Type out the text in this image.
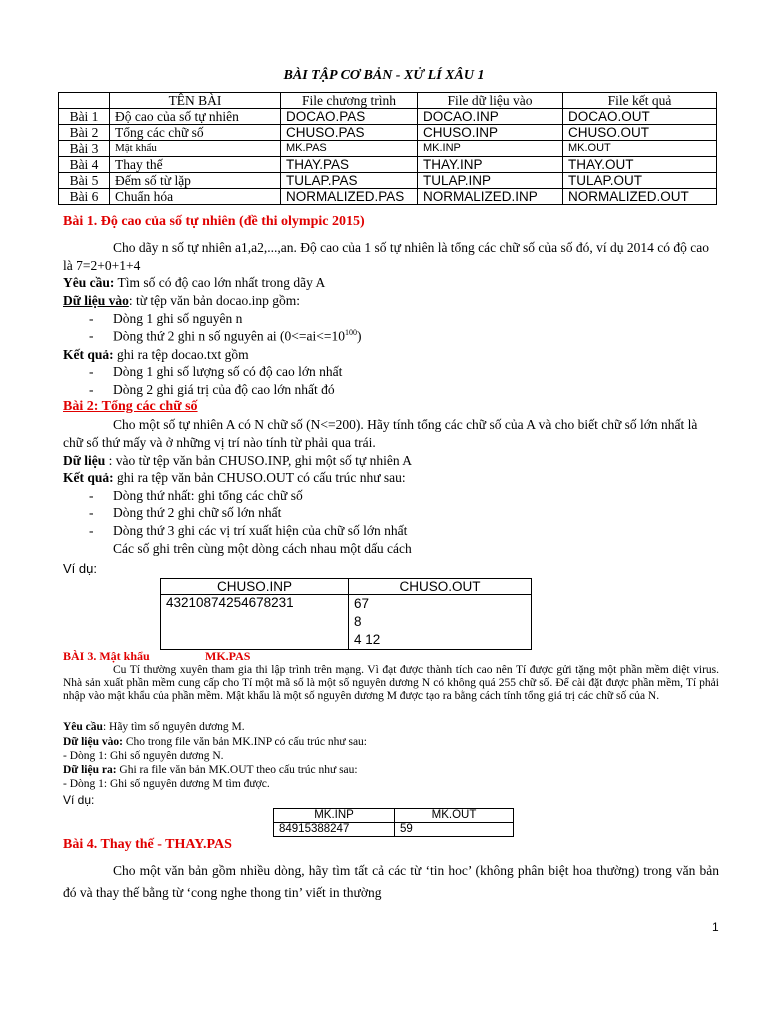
BÀI TẬP CƠ BẢN - XỬ LÍ XÂU 1
	TÊN BÀI	File chương trình	File dữ liệu vào	File kết quả
Bài 1	Độ cao của số tự nhiên	DOCAO.PAS	DOCAO.INP	DOCAO.OUT
Bài 2	Tổng các chữ số	CHUSO.PAS	CHUSO.INP	CHUSO.OUT
Bài 3	Mật khẩu	MK.PAS	MK.INP	MK.OUT
Bài 4	Thay thế	THAY.PAS	THAY.INP	THAY.OUT
Bài 5	Đếm số từ lặp	TULAP.PAS	TULAP.INP	TULAP.OUT
Bài 6	Chuẩn hóa	NORMALIZED.PAS	NORMALIZED.INP	NORMALIZED.OUT
Bài 1. Độ cao của số tự nhiên (đề thi olympic 2015)
Cho dãy n số tự nhiên a1,a2,...,an. Độ cao của 1 số tự nhiên là tổng các chữ số của số đó, ví dụ 2014 có độ cao là 7=2+0+1+4
Yêu cầu: Tìm số có độ cao lớn nhất trong dãy A
Dữ liệu vào: từ tệp văn bản docao.inp gồm:
- Dòng 1 ghi số nguyên n
- Dòng thứ 2 ghi n số nguyên ai $(0<=ai<=10^{100})$
Kết quả: ghi ra tệp docao.txt gồm
- Dòng 1 ghi số lượng số có độ cao lớn nhất
- Dòng 2 ghi giá trị của độ cao lớn nhất đó
Bài 2: Tổng các chữ số
Cho một số tự nhiên A có N chữ số (N<=200). Hãy tính tổng các chữ số của A và cho biết chữ số lớn nhất là chữ số thứ mấy và ở những vị trí nào tính từ phải qua trái.
Dữ liệu : vào từ tệp văn bản CHUSO.INP, ghi một số tự nhiên A
Kết quả: ghi ra tệp văn bản CHUSO.OUT có cấu trúc như sau:
- Dòng thứ nhất: ghi tổng các chữ số
- Dòng thứ 2 ghi chữ số lớn nhất
- Dòng thứ 3 ghi các vị trí xuất hiện của chữ số lớn nhất
Các số ghi trên cùng một dòng cách nhau một dấu cách
Ví dụ:
CHUSO.INP	CHUSO.OUT
43210874254678231	67
8
4 12
BÀI 3. Mật khẩu	MK.PAS
Cu Tí thường xuyên tham gia thi lập trình trên mạng. Vì đạt được thành tích cao nên Tí được gửi tặng một phần mềm diệt virus. Nhà sản xuất phần mềm cung cấp cho Tí một mã số là một số nguyên dương N có không quá 255 chữ số. Để cài đặt được phần mềm, Tí phải nhập vào mật khẩu của phần mềm. Mật khẩu là một số nguyên dương M được tạo ra bằng cách tính tổng giá trị các chữ số của N.
Yêu cầu: Hãy tìm số nguyên dương M.
Dữ liệu vào: Cho trong file văn bản MK.INP có cấu trúc như sau:
- Dòng 1: Ghi số nguyên dương N.
Dữ liệu ra: Ghi ra file văn bản MK.OUT theo cấu trúc như sau:
- Dòng 1: Ghi số nguyên dương M tìm được.
Ví dụ:
MK.INP	MK.OUT
84915388247	59
Bài 4. Thay thế - THAY.PAS
Cho một văn bản gồm nhiều dòng, hãy tìm tất cả các từ ‘tin hoc’ (không phân biệt hoa thường) trong văn bản đó và thay thế bằng từ ‘cong nghe thong tin’ viết in thường
1
